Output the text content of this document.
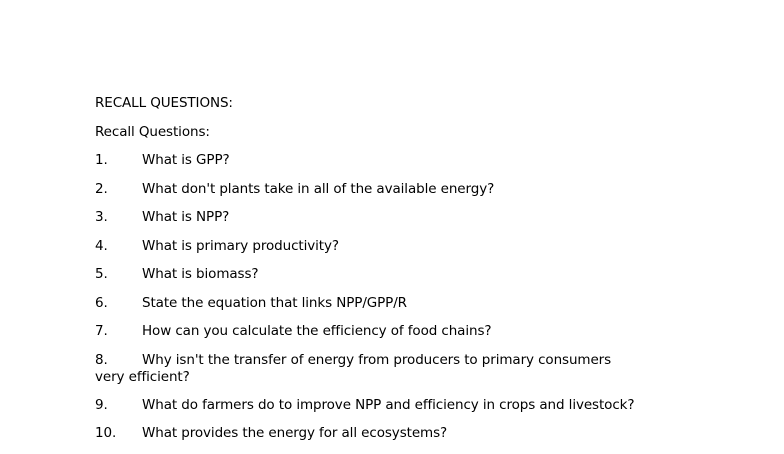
RECALL QUESTIONS:
Recall Questions:
1.	What is GPP?
2.	What don't plants take in all of the available energy?
3.	What is NPP?
4.	What is primary productivity?
5.	What is biomass?
6.	State the equation that links NPP/GPP/R
7.	How can you calculate the efficiency of food chains?
8.	Why isn't the transfer of energy from producers to primary consumers
very efficient?
9.	What do farmers do to improve NPP and efficiency in crops and livestock?
10. What provides the energy for all ecosystems?
